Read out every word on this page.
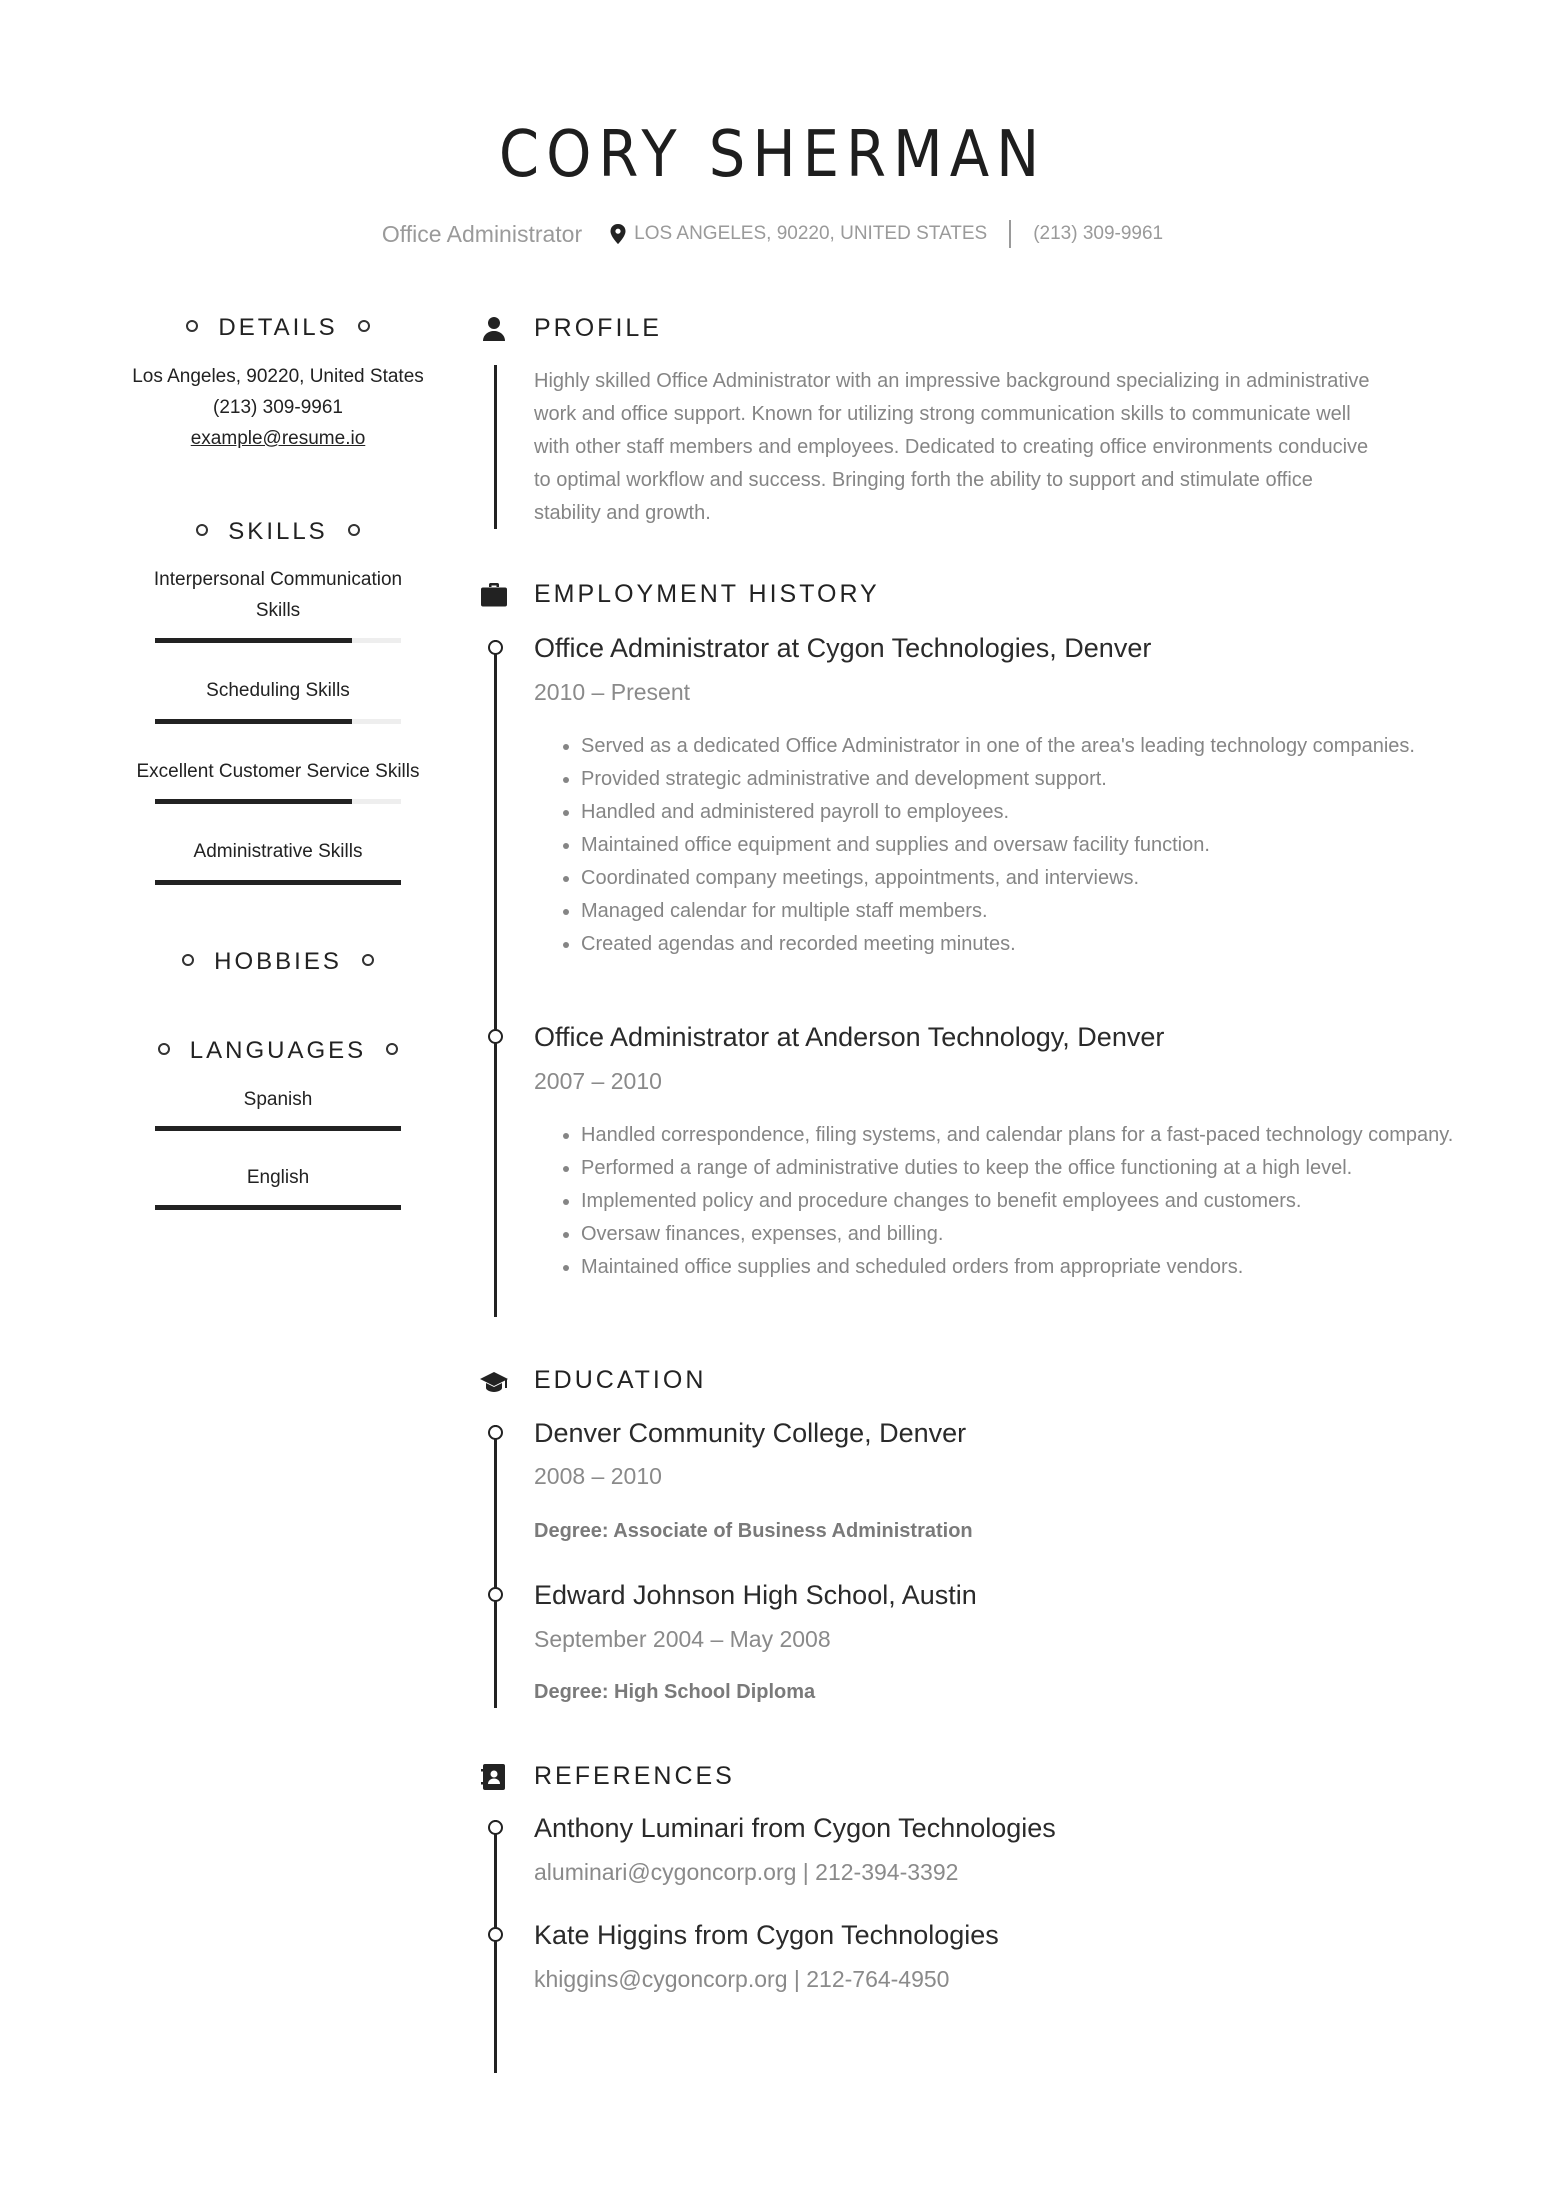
CORY SHERMAN
Office Administrator	LOS ANGELES, 90220, UNITED STATES (213) 309-9961
DETAILS
Los Angeles, 90220, United States
(213) 309-9961
example@resume.io
SKILLS
Interpersonal Communication
Skills
Scheduling Skills
Excellent Customer Service Skills
Administrative Skills
HOBBIES
LANGUAGES
Spanish
English
PROFILE
Highly skilled Office Administrator with an impressive background specializing in administrative
work and office support. Known for utilizing strong communication skills to communicate well
with other staff members and employees. Dedicated to creating office environments conducive
to optimal workflow and success. Bringing forth the ability to support and stimulate office
stability and growth.
EMPLOYMENT HISTORY
Office Administrator at Cygon Technologies, Denver
2010 – Present
• Served as a dedicated Office Administrator in one of the area's leading technology companies.
• Provided strategic administrative and development support.
• Handled and administered payroll to employees.
• Maintained office equipment and supplies and oversaw facility function.
• Coordinated company meetings, appointments, and interviews.
• Managed calendar for multiple staff members.
• Created agendas and recorded meeting minutes.
Office Administrator at Anderson Technology, Denver
2007 – 2010
• Handled correspondence, filing systems, and calendar plans for a fast-paced technology company.
• Performed a range of administrative duties to keep the office functioning at a high level.
• Implemented policy and procedure changes to benefit employees and customers.
• Oversaw finances, expenses, and billing.
• Maintained office supplies and scheduled orders from appropriate vendors.
EDUCATION
Denver Community College, Denver
2008 – 2010
Degree: Associate of Business Administration
Edward Johnson High School, Austin
September 2004 – May 2008
Degree: High School Diploma
REFERENCES
Anthony Luminari from Cygon Technologies
aluminari@cygoncorp.org | 212-394-3392
Kate Higgins from Cygon Technologies
khiggins@cygoncorp.org | 212-764-4950
